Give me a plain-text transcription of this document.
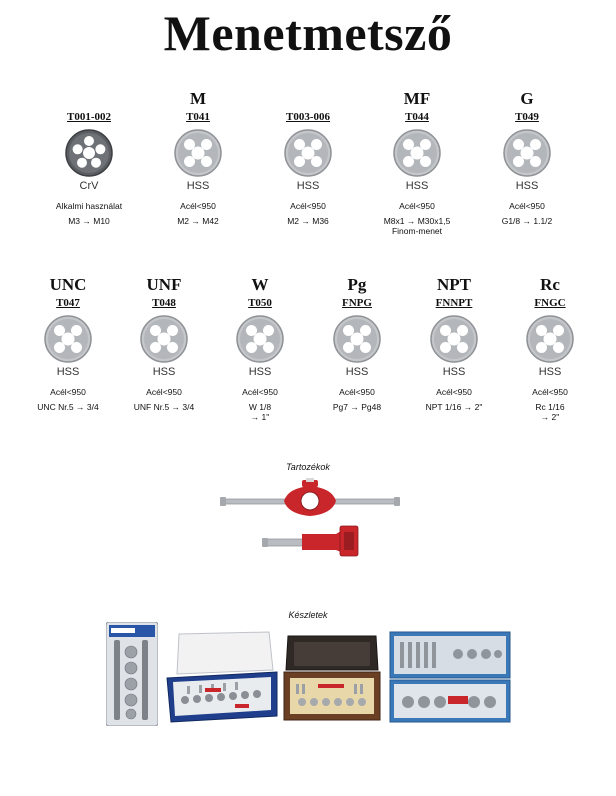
Menetmetsző
T001-002
CrV
Alkalmi használat
M3 → M10
M
T041
HSS
Acél<950
M2 → M42
T003-006
HSS
Acél<950
M2 → M36
MF
T044
HSS
Acél<950
M8x1 → M30x1,5
Finom-menet
G
T049
HSS
Acél<950
G1/8 → 1.1/2
UNC
T047
HSS
Acél<950
UNC Nr.5 → 3/4
UNF
T048
HSS
Acél<950
UNF Nr.5 → 3/4
W
T050
HSS
Acél<950
W 1/8
→ 1"
Pg
FNPG
HSS
Acél<950
Pg7 → Pg48
NPT
FNNPT
HSS
Acél<950
NPT 1/16 → 2"
Rc
FNGC
HSS
Acél<950
Rc 1/16
→ 2"
Tartozékok
Készletek
